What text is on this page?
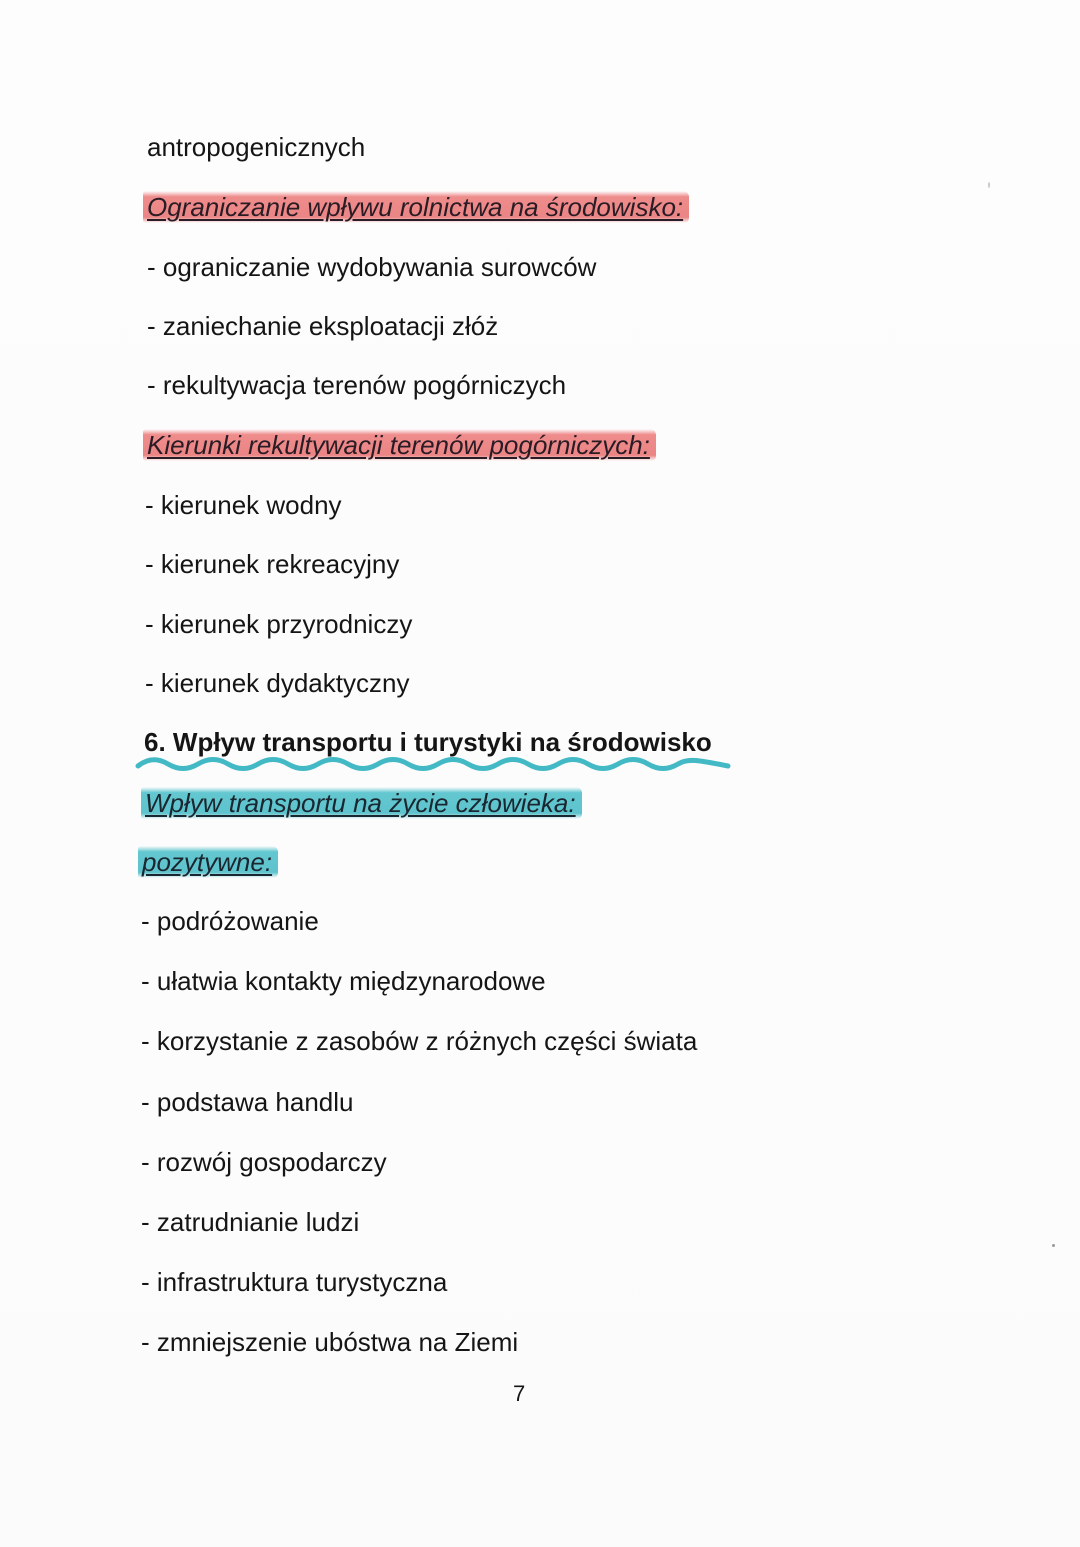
antropogenicznych
Ograniczanie wpływu rolnictwa na środowisko:
- ograniczanie wydobywania surowców
- zaniechanie eksploatacji złóż
- rekultywacja terenów pogórniczych
Kierunki rekultywacji terenów pogórniczych:
- kierunek wodny
- kierunek rekreacyjny
- kierunek przyrodniczy
- kierunek dydaktyczny
6. Wpływ transportu i turystyki na środowisko
Wpływ transportu na życie człowieka:
pozytywne:
- podróżowanie
- ułatwia kontakty międzynarodowe
- korzystanie z zasobów z różnych części świata
- podstawa handlu
- rozwój gospodarczy
- zatrudnianie ludzi
- infrastruktura turystyczna
- zmniejszenie ubóstwa na Ziemi
7
